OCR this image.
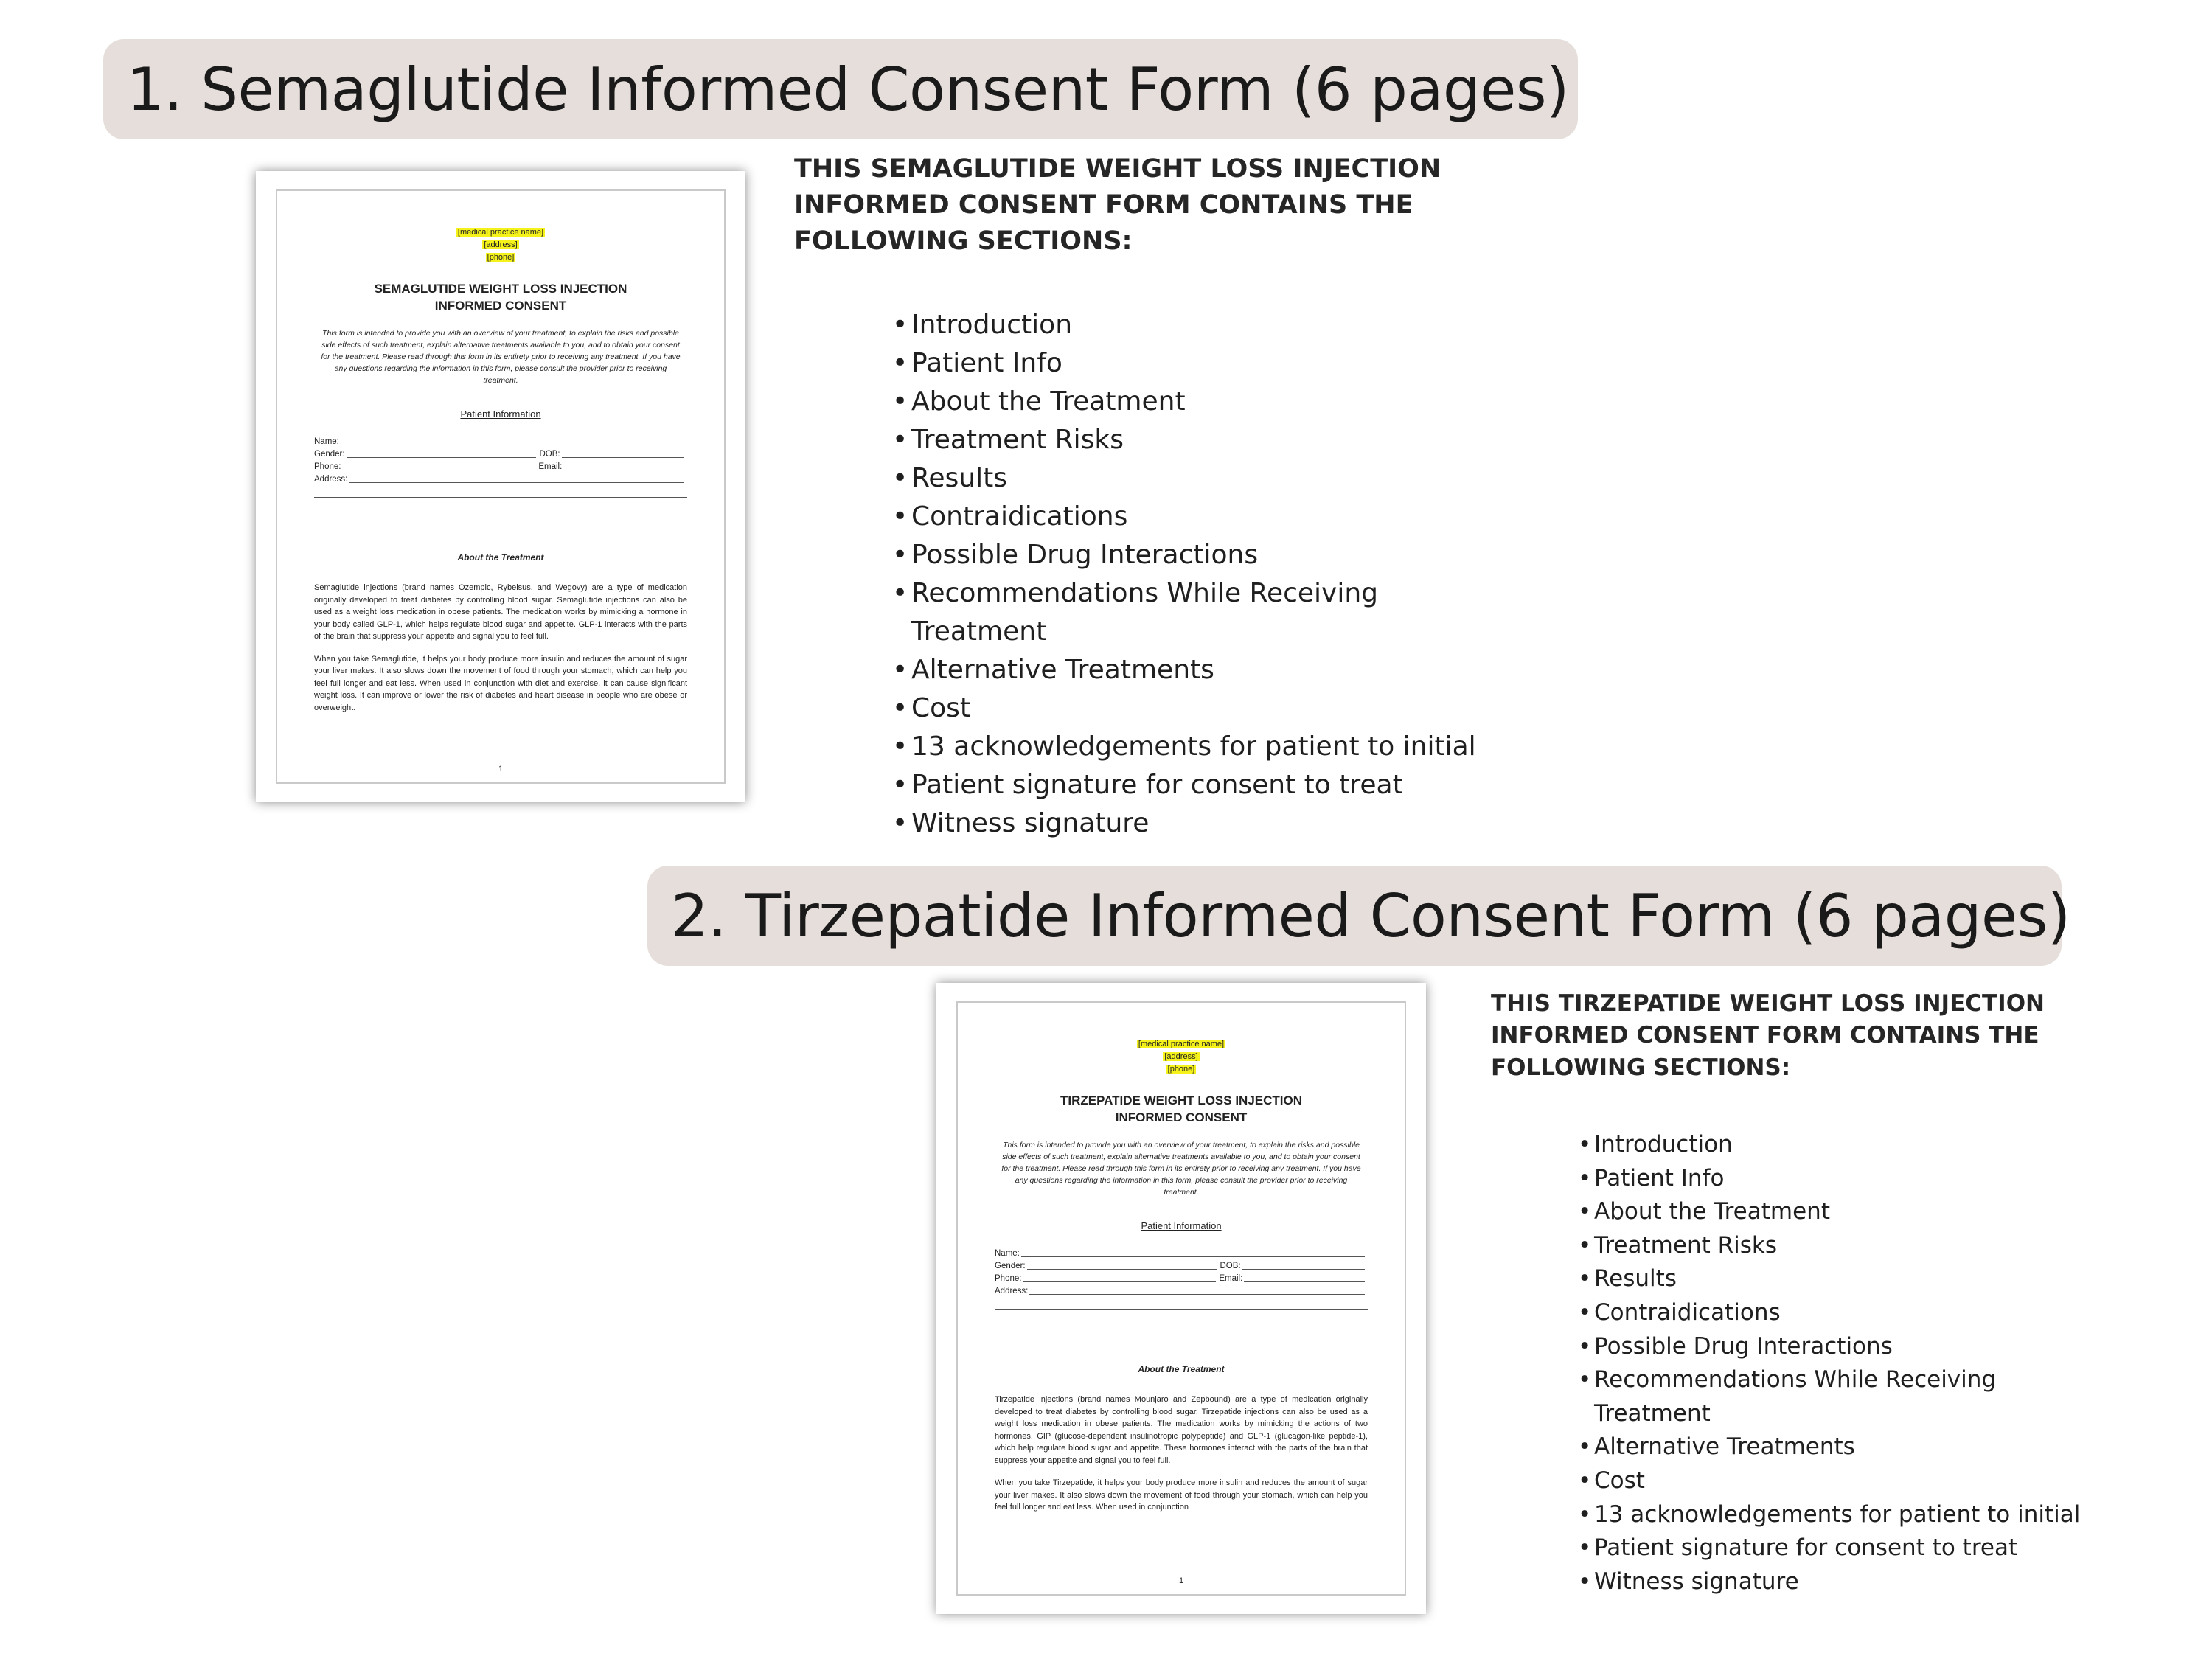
1. Semaglutide Informed Consent Form (6 pages)
[medical practice name]
[address]
[phone]
SEMAGLUTIDE WEIGHT LOSS INJECTION
INFORMED CONSENT
This form is intended to provide you with an overview of your treatment, to explain the risks and possible side effects of such treatment, explain alternative treatments available to you, and to obtain your consent for the treatment. Please read through this form in its entirety prior to receiving any treatment. If you have any questions regarding the information in this form, please consult the provider prior to receiving treatment.
Patient Information
Name:
Gender:	DOB:
Phone:	Email:
Address:
About the Treatment
Semaglutide injections (brand names Ozempic, Rybelsus, and Wegovy) are a type of medication originally developed to treat diabetes by controlling blood sugar. Semaglutide injections can also be used as a weight loss medication in obese patients. The medication works by mimicking a hormone in your body called GLP-1, which helps regulate blood sugar and appetite. GLP-1 interacts with the parts of the brain that suppress your appetite and signal you to feel full.
When you take Semaglutide, it helps your body produce more insulin and reduces the amount of sugar your liver makes. It also slows down the movement of food through your stomach, which can help you feel full longer and eat less. When used in conjunction with diet and exercise, it can cause significant weight loss. It can improve or lower the risk of diabetes and heart disease in people who are obese or overweight.
1
THIS SEMAGLUTIDE WEIGHT LOSS INJECTION INFORMED CONSENT FORM CONTAINS THE FOLLOWING SECTIONS:
• Introduction
• Patient Info
• About the Treatment
• Treatment Risks
• Results
• Contraidications
• Possible Drug Interactions
• Recommendations While Receiving Treatment
• Alternative Treatments
• Cost
• 13 acknowledgements for patient to initial
• Patient signature for consent to treat
• Witness signature
2. Tirzepatide Informed Consent Form (6 pages)
[medical practice name]
[address]
[phone]
TIRZEPATIDE WEIGHT LOSS INJECTION
INFORMED CONSENT
This form is intended to provide you with an overview of your treatment, to explain the risks and possible side effects of such treatment, explain alternative treatments available to you, and to obtain your consent for the treatment. Please read through this form in its entirety prior to receiving any treatment. If you have any questions regarding the information in this form, please consult the provider prior to receiving treatment.
Patient Information
Name:
Gender:	DOB:
Phone:	Email:
Address:
About the Treatment
Tirzepatide injections (brand names Mounjaro and Zepbound) are a type of medication originally developed to treat diabetes by controlling blood sugar. Tirzepatide injections can also be used as a weight loss medication in obese patients. The medication works by mimicking the actions of two hormones, GIP (glucose-dependent insulinotropic polypeptide) and GLP-1 (glucagon-like peptide-1), which help regulate blood sugar and appetite. These hormones interact with the parts of the brain that suppress your appetite and signal you to feel full.
When you take Tirzepatide, it helps your body produce more insulin and reduces the amount of sugar your liver makes. It also slows down the movement of food through your stomach, which can help you feel full longer and eat less. When used in conjunction
1
THIS TIRZEPATIDE WEIGHT LOSS INJECTION INFORMED CONSENT FORM CONTAINS THE FOLLOWING SECTIONS:
• Introduction
• Patient Info
• About the Treatment
• Treatment Risks
• Results
• Contraidications
• Possible Drug Interactions
• Recommendations While Receiving Treatment
• Alternative Treatments
• Cost
• 13 acknowledgements for patient to initial
• Patient signature for consent to treat
• Witness signature
